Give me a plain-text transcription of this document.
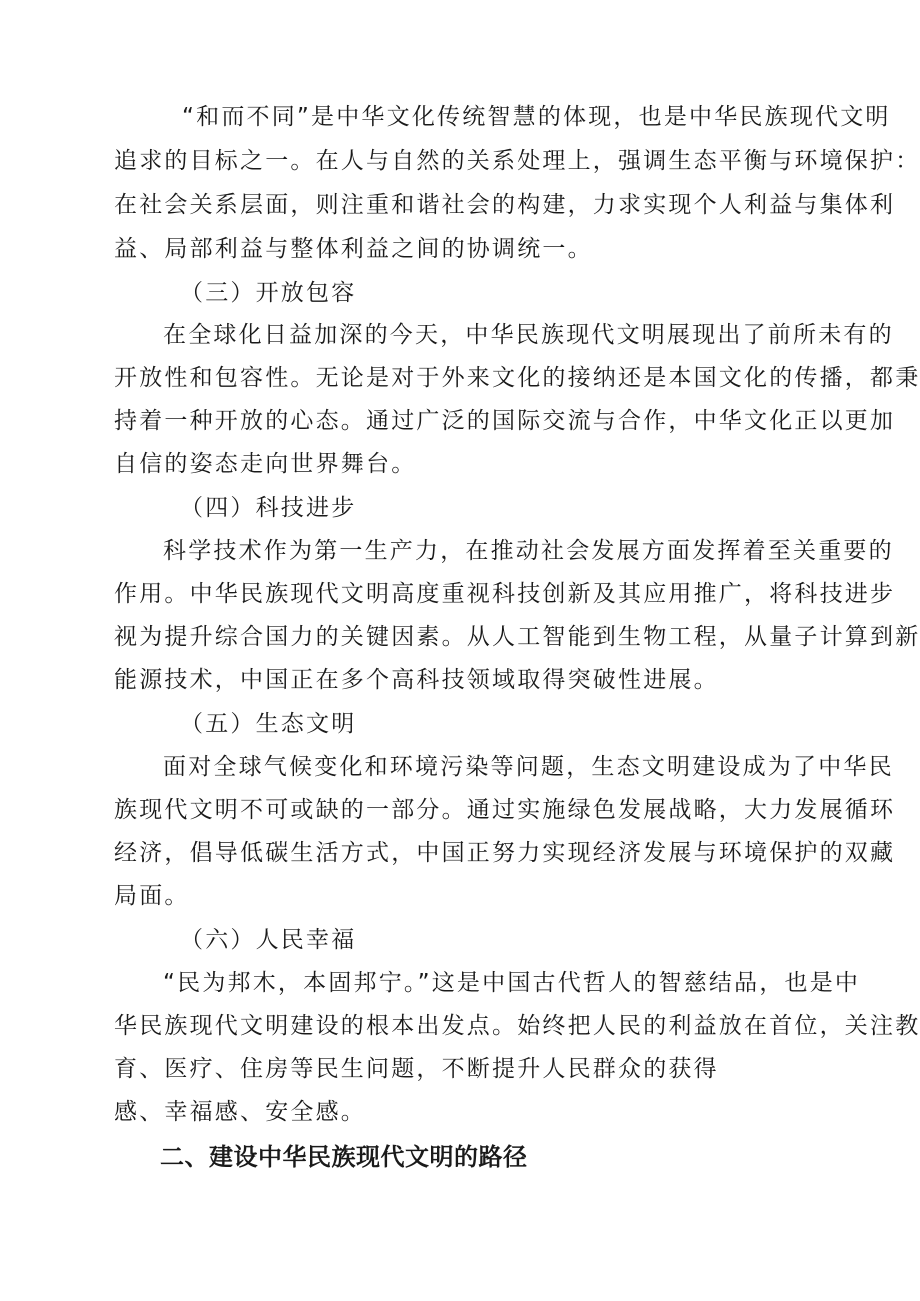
“和而不同”是中华文化传统智慧的体现，也是中华民族现代文明
追求的目标之一。在人与自然的关系处理上，强调生态平衡与环境保护：
在社会关系层面，则注重和谐社会的构建，力求实现个人利益与集体利
益、局部利益与整体利益之间的协调统一。
（三）开放包容
在全球化日益加深的今天，中华民族现代文明展现出了前所未有的
开放性和包容性。无论是对于外来文化的接纳还是本国文化的传播，都秉
持着一种开放的心态。通过广泛的国际交流与合作，中华文化正以更加
自信的姿态走向世界舞台。
（四）科技进步
科学技术作为第一生产力，在推动社会发展方面发挥着至关重要的
作用。中华民族现代文明高度重视科技创新及其应用推广，将科技进步
视为提升综合国力的关键因素。从人工智能到生物工程，从量子计算到新
能源技术，中国正在多个高科技领域取得突破性进展。
（五）生态文明
面对全球气候变化和环境污染等问题，生态文明建设成为了中华民
族现代文明不可或缺的一部分。通过实施绿色发展战略，大力发展循环
经济，倡导低碳生活方式，中国正努力实现经济发展与环境保护的双藏
局面。
（六）人民幸福
“民为邦木，本固邦宁。”这是中国古代哲人的智慈结品，也是中
华民族现代文明建设的根本出发点。始终把人民的利益放在首位，关注教
育、医疗、住房等民生问题，不断提升人民群众的获得
感、幸福感、安全感。
二、建设中华民族现代文明的路径
